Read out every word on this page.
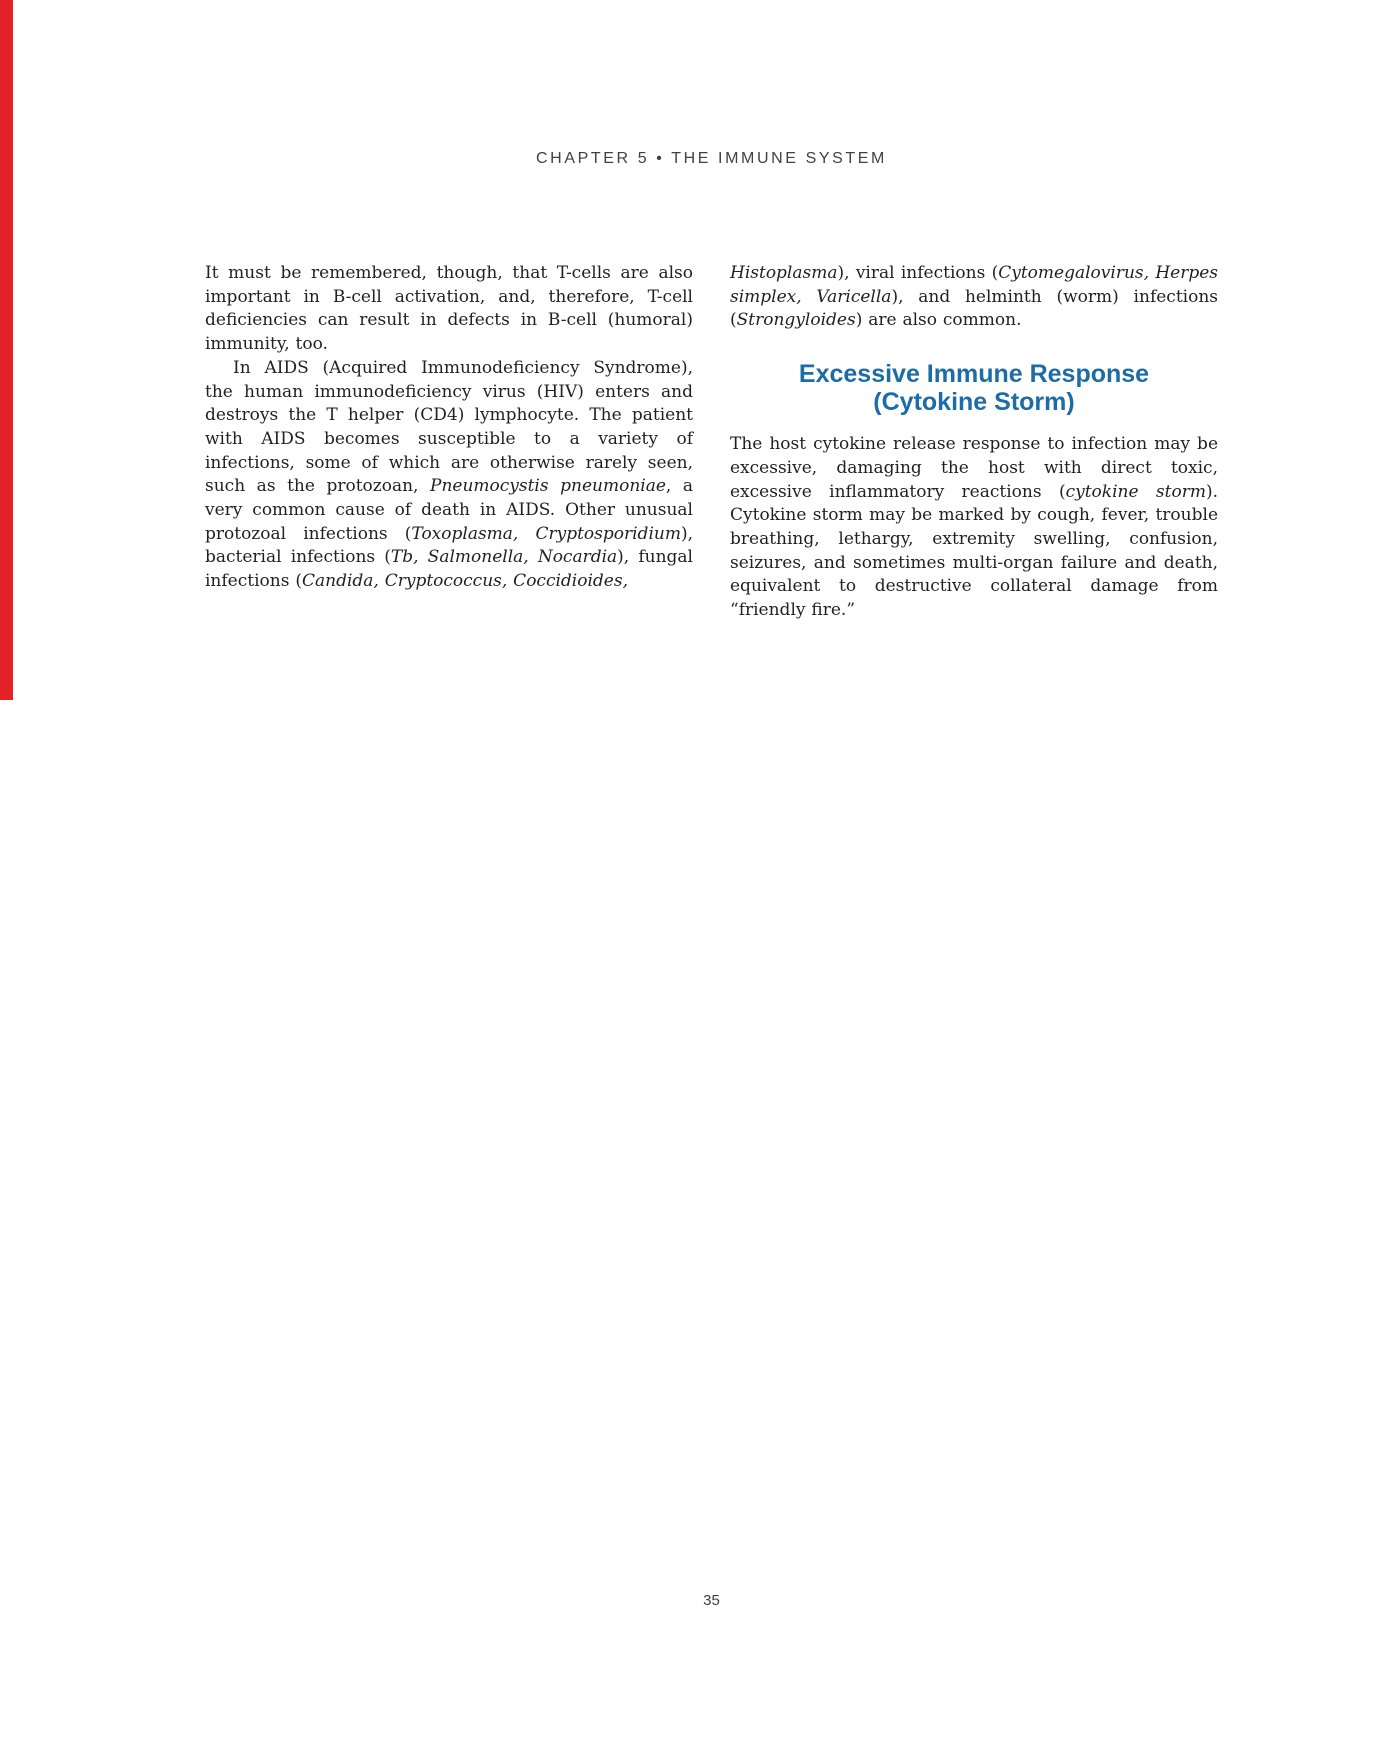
CHAPTER 5 • THE IMMUNE SYSTEM

It must be remembered, though, that T-cells are also important in B-cell activation, and, therefore, T-cell deficiencies can result in defects in B-cell (humoral) immunity, too.

In AIDS (Acquired Immunodeficiency Syndrome), the human immunodeficiency virus (HIV) enters and destroys the T helper (CD4) lymphocyte. The patient with AIDS becomes susceptible to a variety of infections, some of which are otherwise rarely seen, such as the protozoan, Pneumocystis pneumoniae, a very common cause of death in AIDS. Other unusual protozoal infections (Toxoplasma, Cryptosporidium), bacterial infections (Tb, Salmonella, Nocardia), fungal infections (Candida, Cryptococcus, Coccidioides,

Histoplasma), viral infections (Cytomegalovirus, Herpes simplex, Varicella), and helminth (worm) infections (Strongyloides) are also common.

Excessive Immune Response
(Cytokine Storm)

The host cytokine release response to infection may be excessive, damaging the host with direct toxic, excessive inflammatory reactions (cytokine storm). Cytokine storm may be marked by cough, fever, trouble breathing, lethargy, extremity swelling, confusion, seizures, and sometimes multi-organ failure and death, equivalent to destructive collateral damage from “friendly fire.”

35
